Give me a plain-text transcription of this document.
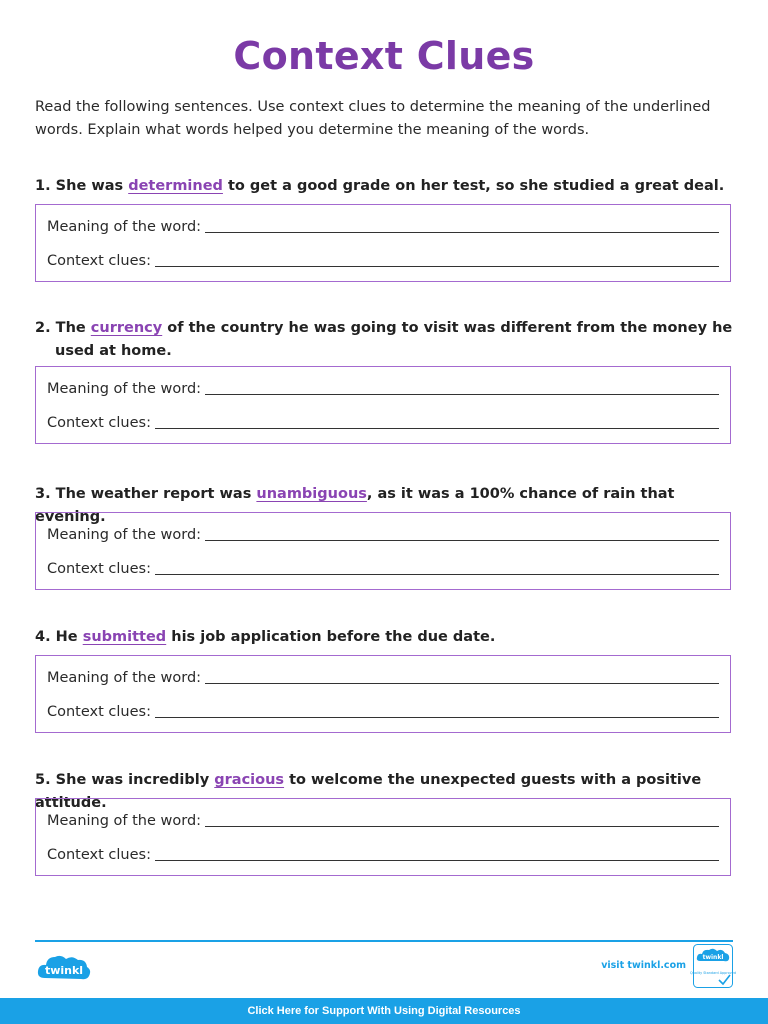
Context Clues
Read the following sentences. Use context clues to determine the meaning of the underlined words. Explain what words helped you determine the meaning of the words.
1. She was determined to get a good grade on her test, so she studied a great deal.
Meaning of the word:
Context clues:
2. The currency of the country he was going to visit was different from the money he
used at home.
Meaning of the word:
Context clues:
3. The weather report was unambiguous, as it was a 100% chance of rain that evening.
Meaning of the word:
Context clues:
4. He submitted his job application before the due date.
Meaning of the word:
Context clues:
5. She was incredibly gracious to welcome the unexpected guests with a positive attitude.
Meaning of the word:
Context clues:
twinkl	visit twinkl.com
twinkl
Quality Standard Approved
Click Here for Support With Using Digital Resources
